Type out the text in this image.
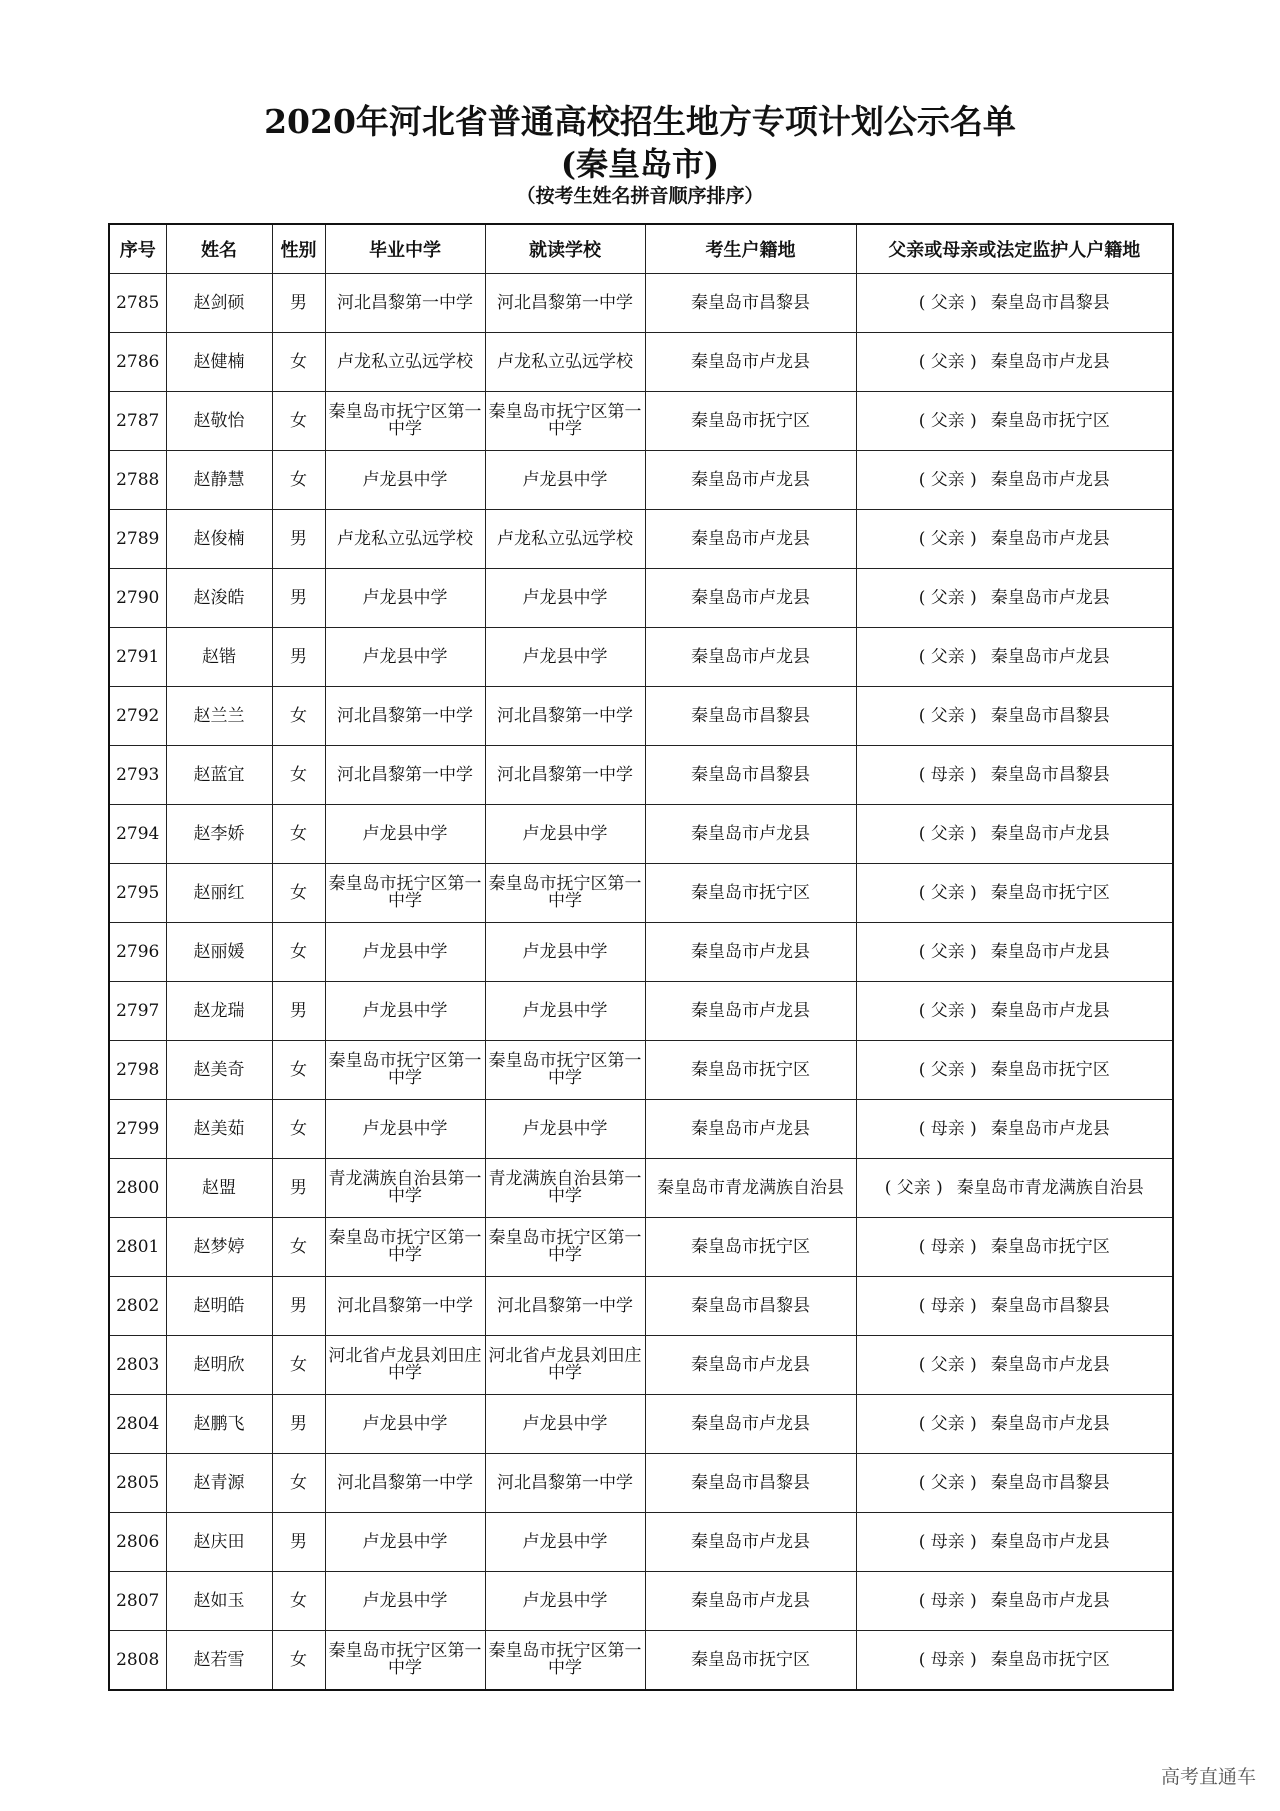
2020年河北省普通高校招生地方专项计划公示名单
(秦皇岛市)
（按考生姓名拼音顺序排序）
序号	姓名	性别	毕业中学	就读学校	考生户籍地	父亲或母亲或法定监护人户籍地
2785	赵剑硕	男	河北昌黎第一中学	河北昌黎第一中学	秦皇岛市昌黎县	( 父亲 ) 秦皇岛市昌黎县
2786	赵健楠	女	卢龙私立弘远学校	卢龙私立弘远学校	秦皇岛市卢龙县	( 父亲 ) 秦皇岛市卢龙县
2787	赵敬怡	女	秦皇岛市抚宁区第一中学	秦皇岛市抚宁区第一中学	秦皇岛市抚宁区	( 父亲 ) 秦皇岛市抚宁区
2788	赵静慧	女	卢龙县中学	卢龙县中学	秦皇岛市卢龙县	( 父亲 ) 秦皇岛市卢龙县
2789	赵俊楠	男	卢龙私立弘远学校	卢龙私立弘远学校	秦皇岛市卢龙县	( 父亲 ) 秦皇岛市卢龙县
2790	赵浚皓	男	卢龙县中学	卢龙县中学	秦皇岛市卢龙县	( 父亲 ) 秦皇岛市卢龙县
2791	赵锴	男	卢龙县中学	卢龙县中学	秦皇岛市卢龙县	( 父亲 ) 秦皇岛市卢龙县
2792	赵兰兰	女	河北昌黎第一中学	河北昌黎第一中学	秦皇岛市昌黎县	( 父亲 ) 秦皇岛市昌黎县
2793	赵蓝宜	女	河北昌黎第一中学	河北昌黎第一中学	秦皇岛市昌黎县	( 母亲 ) 秦皇岛市昌黎县
2794	赵李娇	女	卢龙县中学	卢龙县中学	秦皇岛市卢龙县	( 父亲 ) 秦皇岛市卢龙县
2795	赵丽红	女	秦皇岛市抚宁区第一中学	秦皇岛市抚宁区第一中学	秦皇岛市抚宁区	( 父亲 ) 秦皇岛市抚宁区
2796	赵丽媛	女	卢龙县中学	卢龙县中学	秦皇岛市卢龙县	( 父亲 ) 秦皇岛市卢龙县
2797	赵龙瑞	男	卢龙县中学	卢龙县中学	秦皇岛市卢龙县	( 父亲 ) 秦皇岛市卢龙县
2798	赵美奇	女	秦皇岛市抚宁区第一中学	秦皇岛市抚宁区第一中学	秦皇岛市抚宁区	( 父亲 ) 秦皇岛市抚宁区
2799	赵美茹	女	卢龙县中学	卢龙县中学	秦皇岛市卢龙县	( 母亲 ) 秦皇岛市卢龙县
2800	赵盟	男	青龙满族自治县第一中学	青龙满族自治县第一中学	秦皇岛市青龙满族自治县	( 父亲 ) 秦皇岛市青龙满族自治县
2801	赵梦婷	女	秦皇岛市抚宁区第一中学	秦皇岛市抚宁区第一中学	秦皇岛市抚宁区	( 母亲 ) 秦皇岛市抚宁区
2802	赵明皓	男	河北昌黎第一中学	河北昌黎第一中学	秦皇岛市昌黎县	( 母亲 ) 秦皇岛市昌黎县
2803	赵明欣	女	河北省卢龙县刘田庄中学	河北省卢龙县刘田庄中学	秦皇岛市卢龙县	( 父亲 ) 秦皇岛市卢龙县
2804	赵鹏飞	男	卢龙县中学	卢龙县中学	秦皇岛市卢龙县	( 父亲 ) 秦皇岛市卢龙县
2805	赵青源	女	河北昌黎第一中学	河北昌黎第一中学	秦皇岛市昌黎县	( 父亲 ) 秦皇岛市昌黎县
2806	赵庆田	男	卢龙县中学	卢龙县中学	秦皇岛市卢龙县	( 母亲 ) 秦皇岛市卢龙县
2807	赵如玉	女	卢龙县中学	卢龙县中学	秦皇岛市卢龙县	( 母亲 ) 秦皇岛市卢龙县
2808	赵若雪	女	秦皇岛市抚宁区第一中学	秦皇岛市抚宁区第一中学	秦皇岛市抚宁区	( 母亲 ) 秦皇岛市抚宁区
高考直通车
